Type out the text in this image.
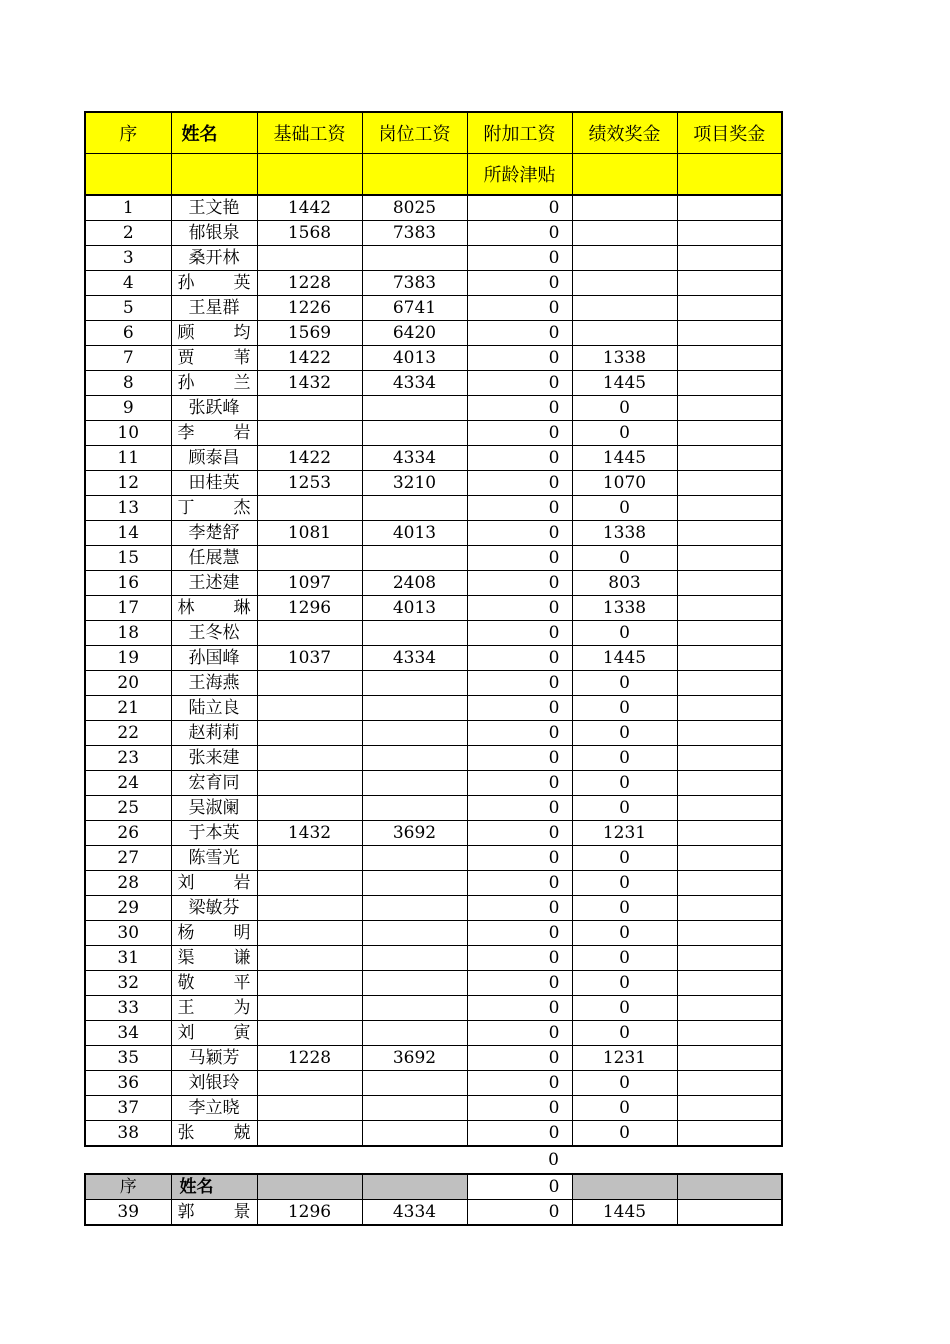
序	姓名	基础工资	岗位工资	附加工资	绩效奖金	项目奖金
				所龄津贴		
1	王文艳	1442	8025	0		
2	郁银泉	1568	7383	0		
3	桑开林			0		
4	孙　英	1228	7383	0		
5	王星群	1226	6741	0		
6	顾　均	1569	6420	0		
7	贾　苇	1422	4013	0	1338	
8	孙　兰	1432	4334	0	1445	
9	张跃峰			0	0	
10	李　岩			0	0	
11	顾泰昌	1422	4334	0	1445	
12	田桂英	1253	3210	0	1070	
13	丁　杰			0	0	
14	李楚舒	1081	4013	0	1338	
15	任展慧			0	0	
16	王述建	1097	2408	0	803	
17	林　琳	1296	4013	0	1338	
18	王冬松			0	0	
19	孙国峰	1037	4334	0	1445	
20	王海燕			0	0	
21	陆立良			0	0	
22	赵莉莉			0	0	
23	张来建			0	0	
24	宏育同			0	0	
25	吴淑阑			0	0	
26	于本英	1432	3692	0	1231	
27	陈雪光			0	0	
28	刘　岩			0	0	
29	梁敏芬			0	0	
30	杨　明			0	0	
31	渠　谦			0	0	
32	敬　平			0	0	
33	王　为			0	0	
34	刘　寅			0	0	
35	马颖芳	1228	3692	0	1231	
36	刘银玲			0	0	
37	李立晓			0	0	
38	张　兢			0	0	
				0		
序	姓名			0		
39	郭　景	1296	4334	0	1445	
